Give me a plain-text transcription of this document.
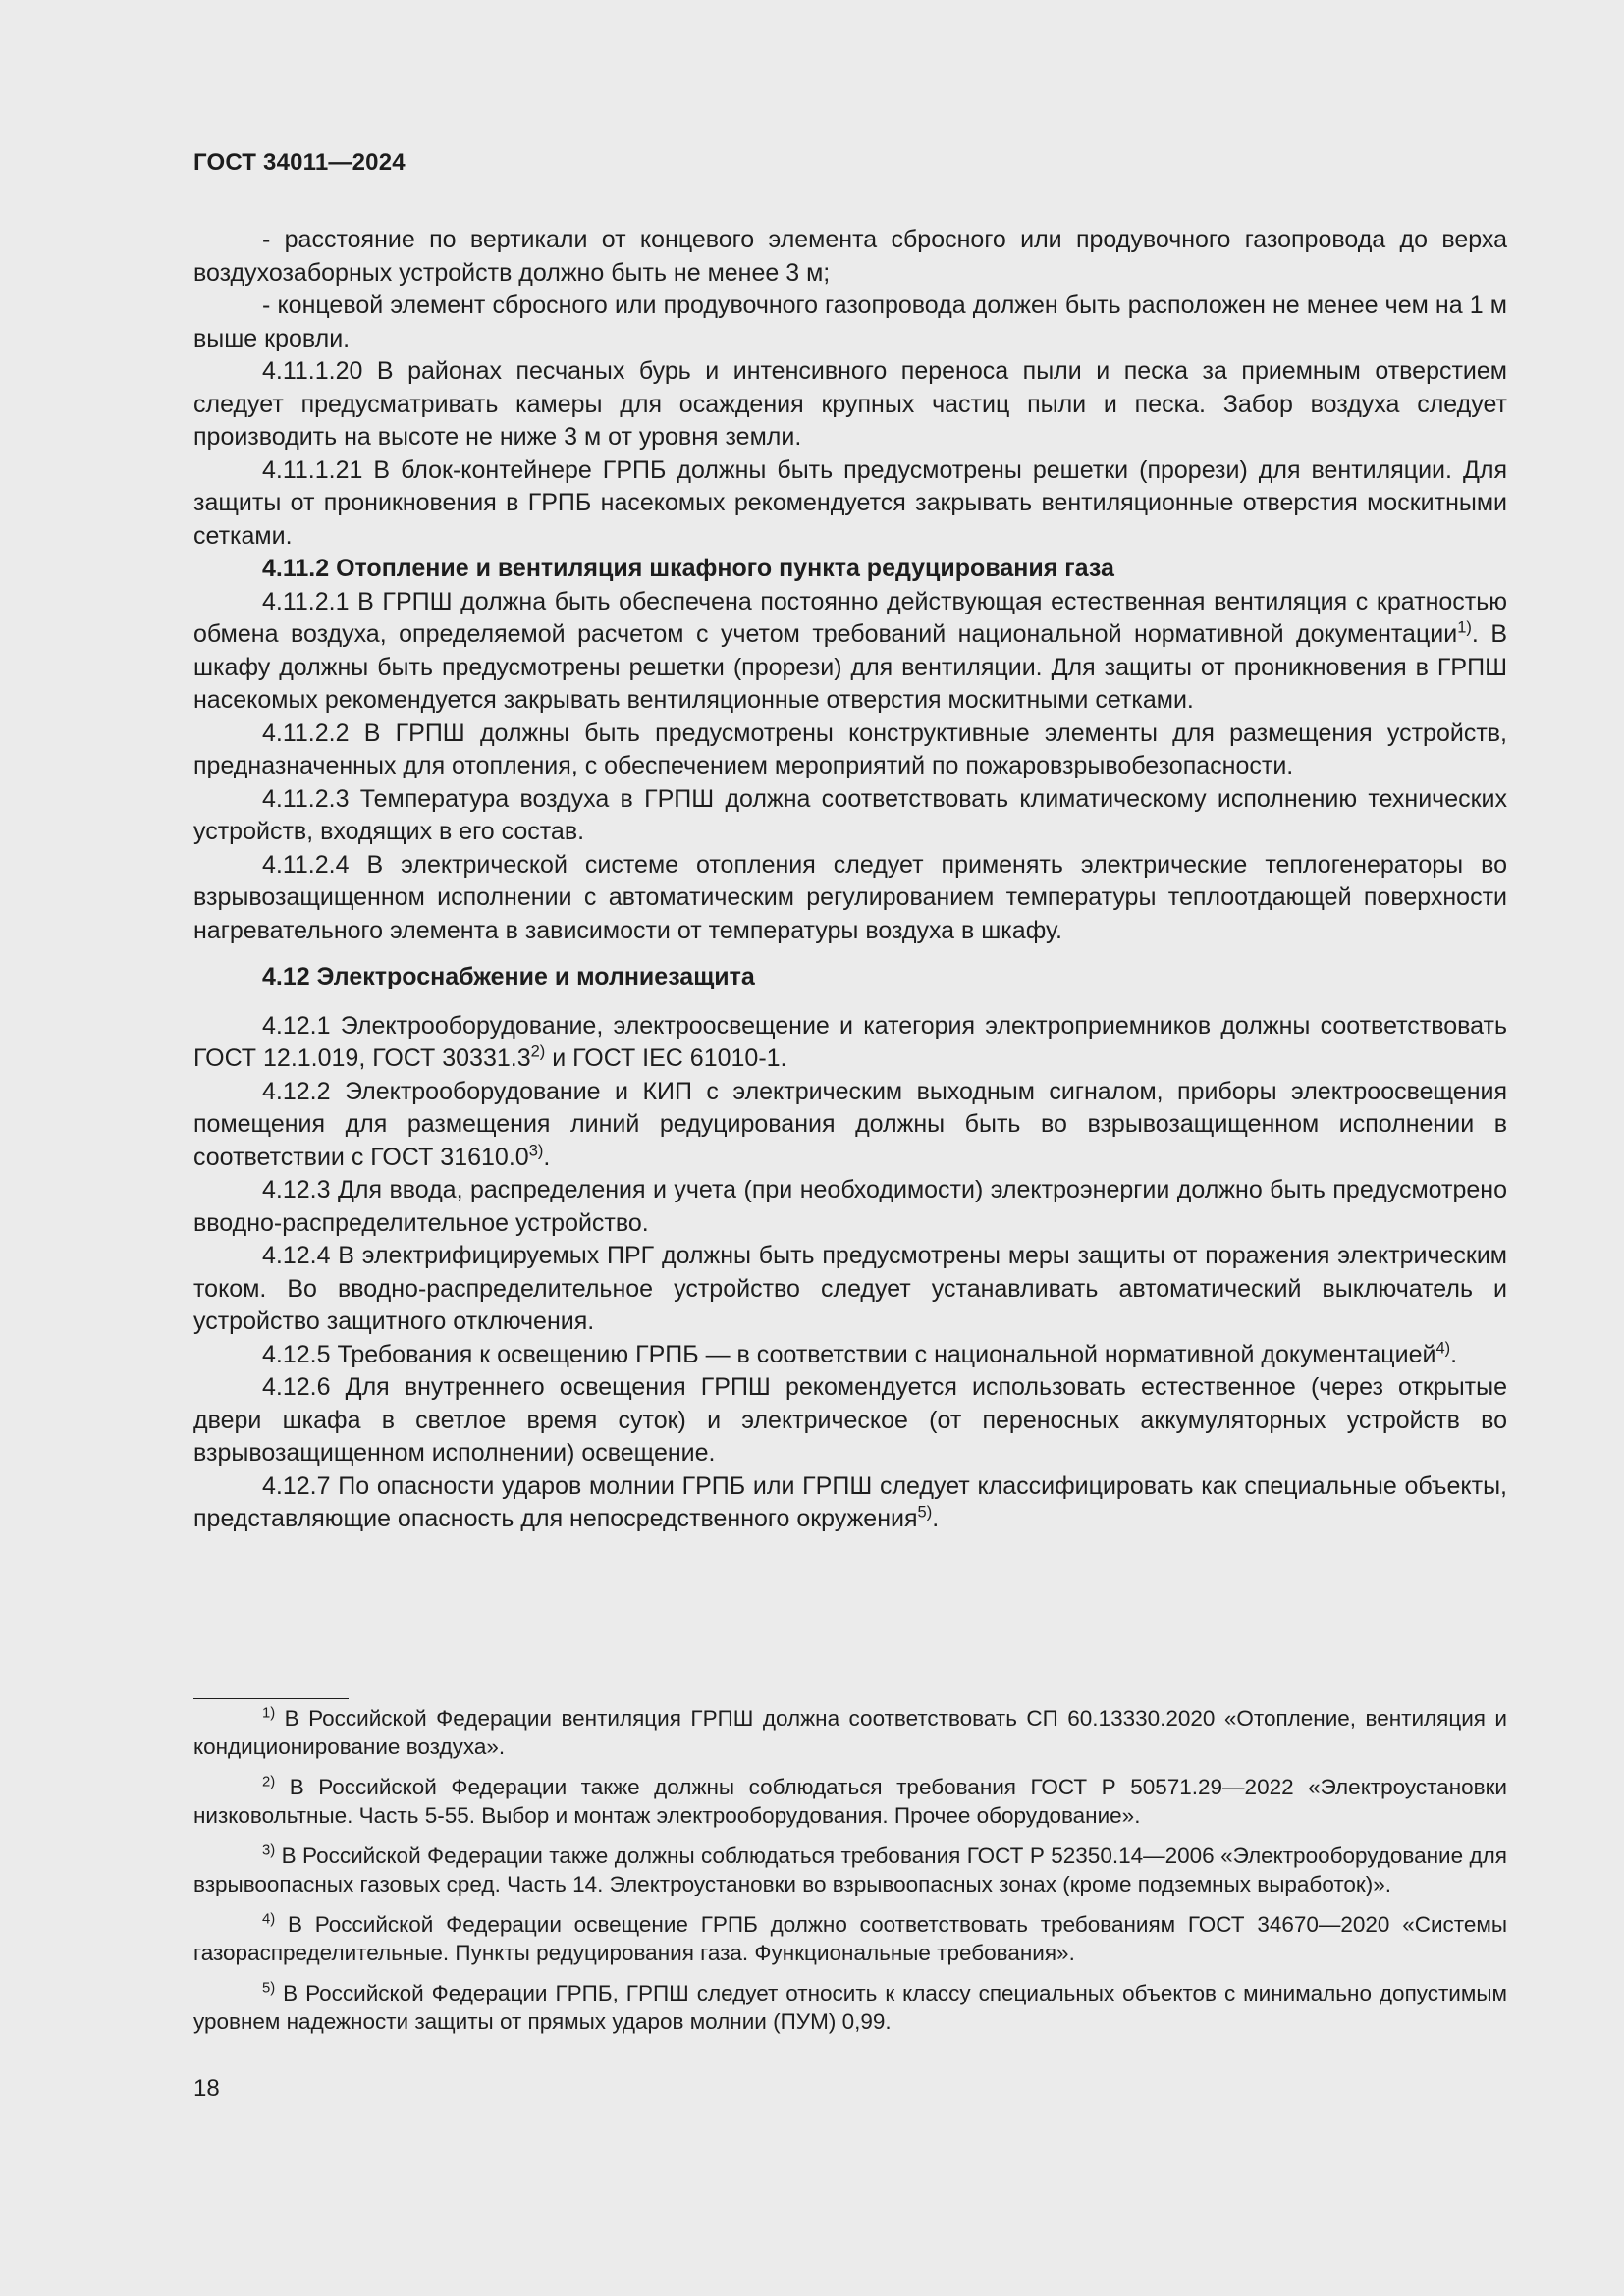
ГОСТ 34011—2024

- расстояние по вертикали от концевого элемента сбросного или продувочного газопровода до верха воздухозаборных устройств должно быть не менее 3 м;

- концевой элемент сбросного или продувочного газопровода должен быть расположен не менее чем на 1 м выше кровли.

4.11.1.20 В районах песчаных бурь и интенсивного переноса пыли и песка за приемным отверстием следует предусматривать камеры для осаждения крупных частиц пыли и песка. Забор воздуха следует производить на высоте не ниже 3 м от уровня земли.

4.11.1.21 В блок-контейнере ГРПБ должны быть предусмотрены решетки (прорези) для вентиляции. Для защиты от проникновения в ГРПБ насекомых рекомендуется закрывать вентиляционные отверстия москитными сетками.

4.11.2 Отопление и вентиляция шкафного пункта редуцирования газа

4.11.2.1 В ГРПШ должна быть обеспечена постоянно действующая естественная вентиляция с кратностью обмена воздуха, определяемой расчетом с учетом требований национальной нормативной документации$^{1)}$. В шкафу должны быть предусмотрены решетки (прорези) для вентиляции. Для защиты от проникновения в ГРПШ насекомых рекомендуется закрывать вентиляционные отверстия москитными сетками.

4.11.2.2 В ГРПШ должны быть предусмотрены конструктивные элементы для размещения устройств, предназначенных для отопления, с обеспечением мероприятий по пожаровзрывобезопасности.

4.11.2.3 Температура воздуха в ГРПШ должна соответствовать климатическому исполнению технических устройств, входящих в его состав.

4.11.2.4 В электрической системе отопления следует применять электрические теплогенераторы во взрывозащищенном исполнении с автоматическим регулированием температуры теплоотдающей поверхности нагревательного элемента в зависимости от температуры воздуха в шкафу.

4.12 Электроснабжение и молниезащита

4.12.1 Электрооборудование, электроосвещение и категория электроприемников должны соответствовать ГОСТ 12.1.019, ГОСТ 30331.3$^{2)}$ и ГОСТ IEC 61010-1.

4.12.2 Электрооборудование и КИП с электрическим выходным сигналом, приборы электроосвещения помещения для размещения линий редуцирования должны быть во взрывозащищенном исполнении в соответствии с ГОСТ 31610.0$^{3)}$.

4.12.3 Для ввода, распределения и учета (при необходимости) электроэнергии должно быть предусмотрено вводно-распределительное устройство.

4.12.4 В электрифицируемых ПРГ должны быть предусмотрены меры защиты от поражения электрическим током. Во вводно-распределительное устройство следует устанавливать автоматический выключатель и устройство защитного отключения.

4.12.5 Требования к освещению ГРПБ — в соответствии с национальной нормативной документацией$^{4)}$.

4.12.6 Для внутреннего освещения ГРПШ рекомендуется использовать естественное (через открытые двери шкафа в светлое время суток) и электрическое (от переносных аккумуляторных устройств во взрывозащищенном исполнении) освещение.

4.12.7 По опасности ударов молнии ГРПБ или ГРПШ следует классифицировать как специальные объекты, представляющие опасность для непосредственного окружения$^{5)}$.

$^{1)}$ В Российской Федерации вентиляция ГРПШ должна соответствовать СП 60.13330.2020 «Отопление, вентиляция и кондиционирование воздуха».

$^{2)}$ В Российской Федерации также должны соблюдаться требования ГОСТ Р 50571.29—2022 «Электроустановки низковольтные. Часть 5-55. Выбор и монтаж электрооборудования. Прочее оборудование».

$^{3)}$ В Российской Федерации также должны соблюдаться требования ГОСТ Р 52350.14—2006 «Электрооборудование для взрывоопасных газовых сред. Часть 14. Электроустановки во взрывоопасных зонах (кроме подземных выработок)».

$^{4)}$ В Российской Федерации освещение ГРПБ должно соответствовать требованиям ГОСТ 34670—2020 «Системы газораспределительные. Пункты редуцирования газа. Функциональные требования».

$^{5)}$ В Российской Федерации ГРПБ, ГРПШ следует относить к классу специальных объектов с минимально допустимым уровнем надежности защиты от прямых ударов молнии (ПУМ) 0,99.

18
